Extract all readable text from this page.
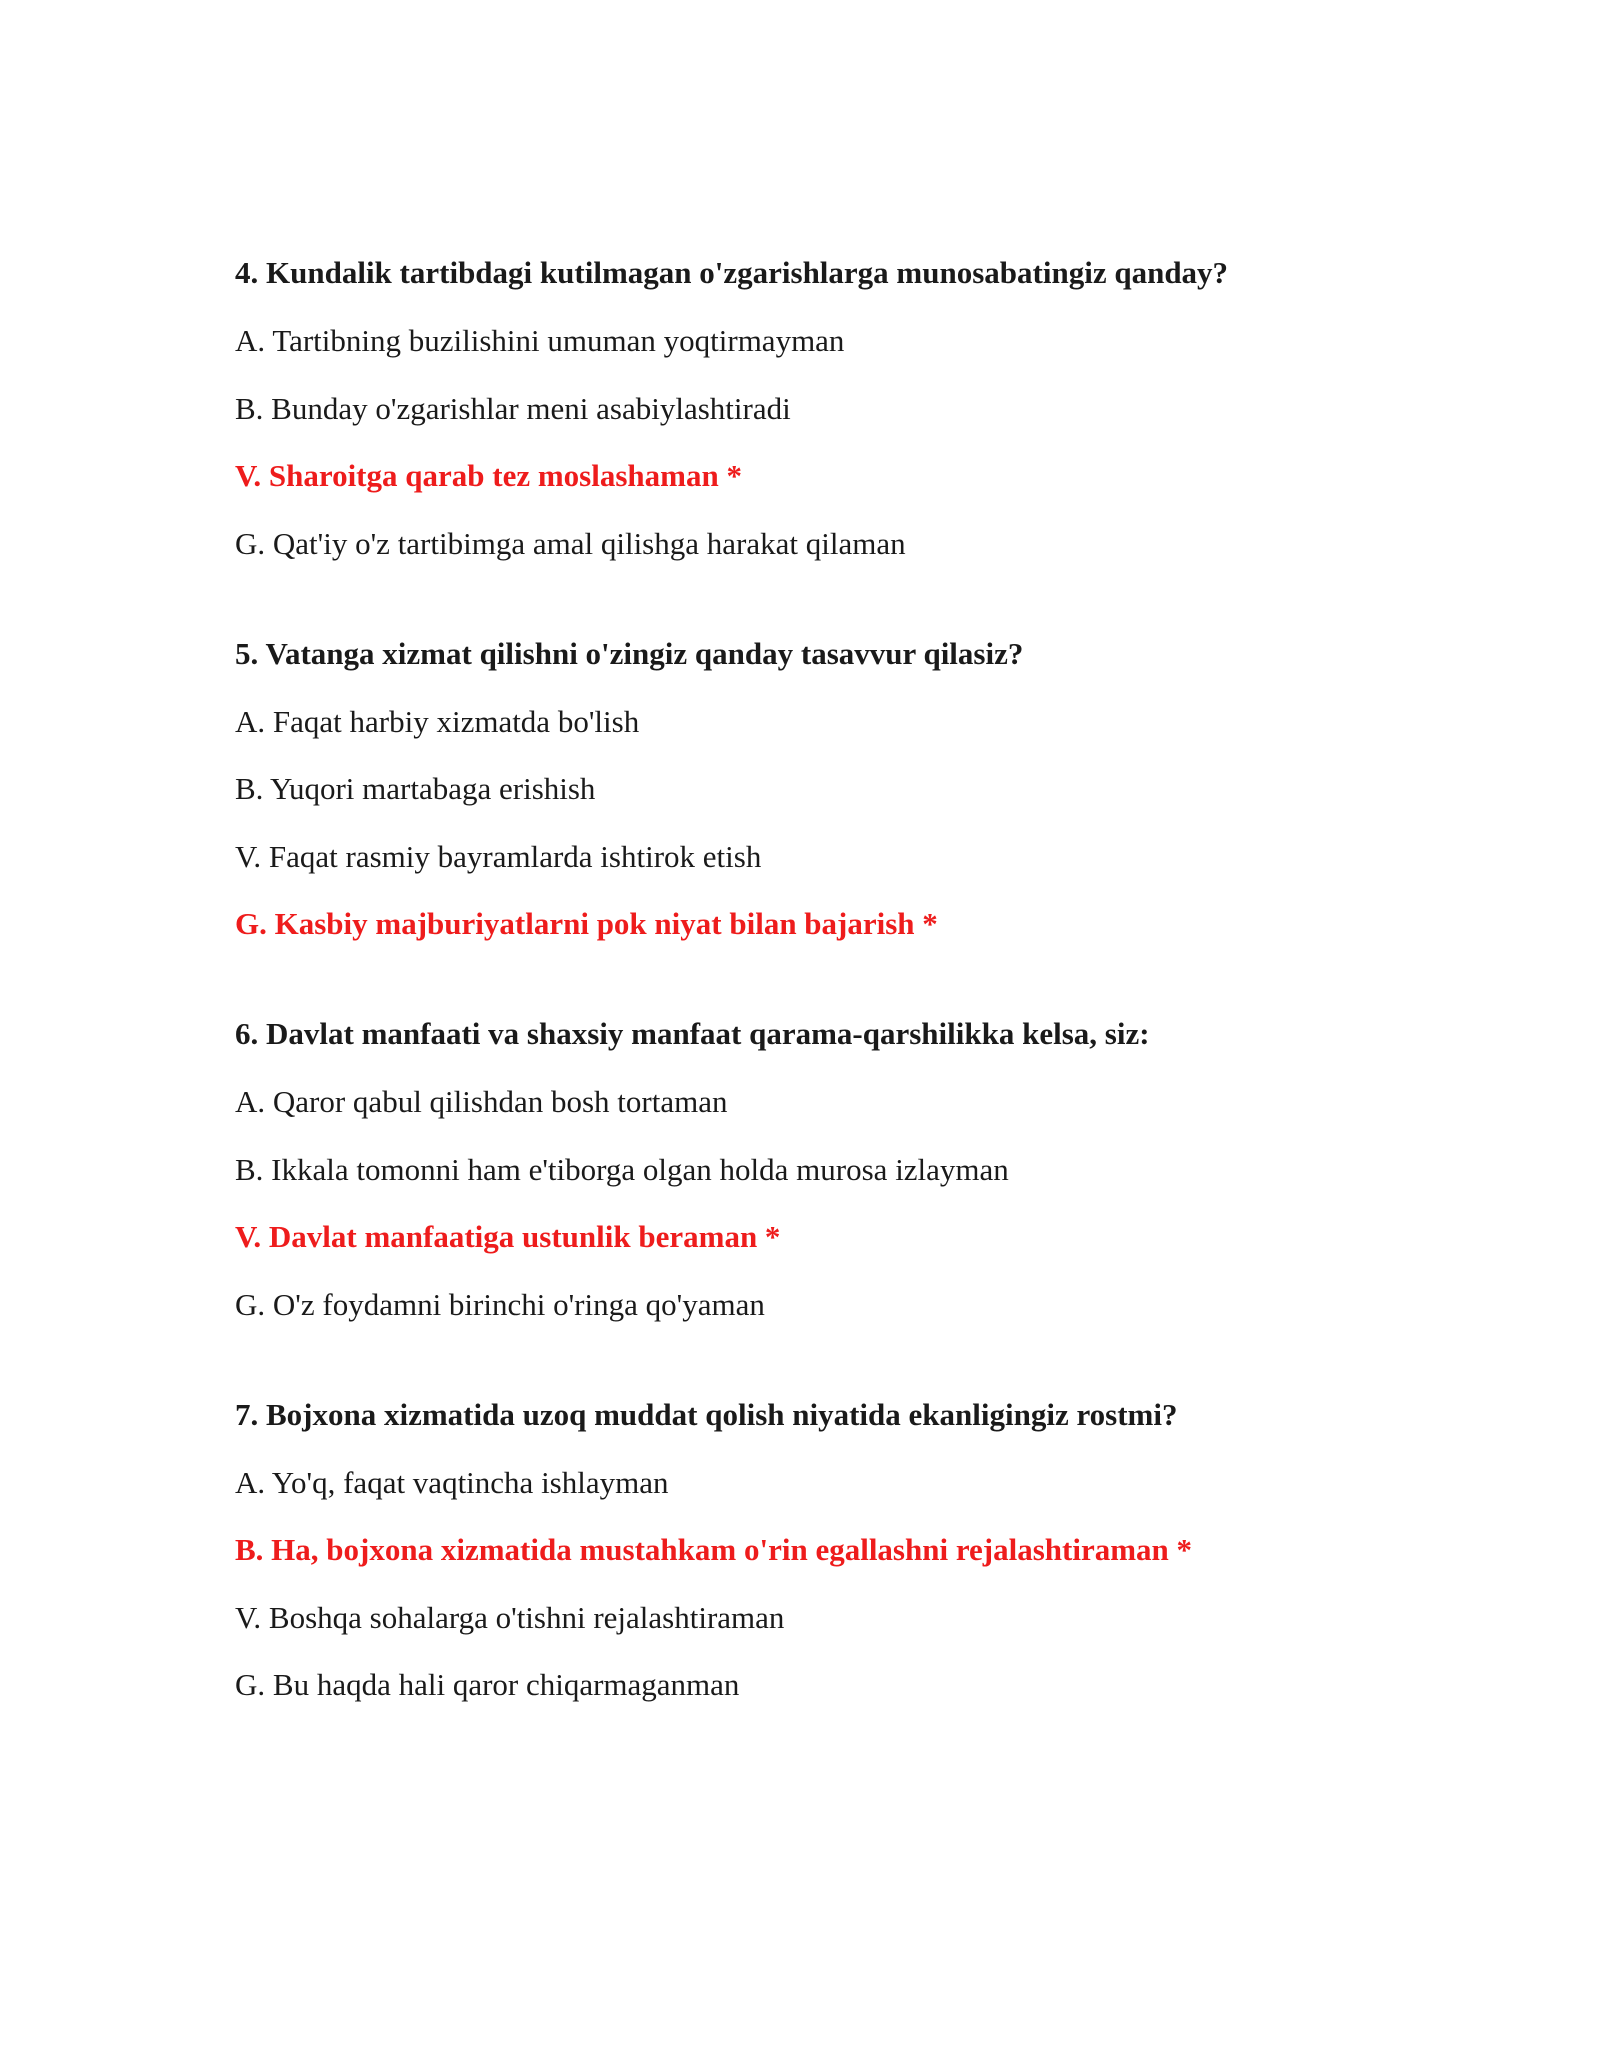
4. Kundalik tartibdagi kutilmagan o'zgarishlarga munosabatingiz qanday?
A. Tartibning buzilishini umuman yoqtirmayman
B. Bunday o'zgarishlar meni asabiylashtiradi
V. Sharoitga qarab tez moslashaman *
G. Qat'iy o'z tartibimga amal qilishga harakat qilaman
5. Vatanga xizmat qilishni o'zingiz qanday tasavvur qilasiz?
A. Faqat harbiy xizmatda bo'lish
B. Yuqori martabaga erishish
V. Faqat rasmiy bayramlarda ishtirok etish
G. Kasbiy majburiyatlarni pok niyat bilan bajarish *
6. Davlat manfaati va shaxsiy manfaat qarama-qarshilikka kelsa, siz:
A. Qaror qabul qilishdan bosh tortaman
B. Ikkala tomonni ham e'tiborga olgan holda murosa izlayman
V. Davlat manfaatiga ustunlik beraman *
G. O'z foydamni birinchi o'ringa qo'yaman
7. Bojxona xizmatida uzoq muddat qolish niyatida ekanligingiz rostmi?
A. Yo'q, faqat vaqtincha ishlayman
B. Ha, bojxona xizmatida mustahkam o'rin egallashni rejalashtiraman *
V. Boshqa sohalarga o'tishni rejalashtiraman
G. Bu haqda hali qaror chiqarmaganman
